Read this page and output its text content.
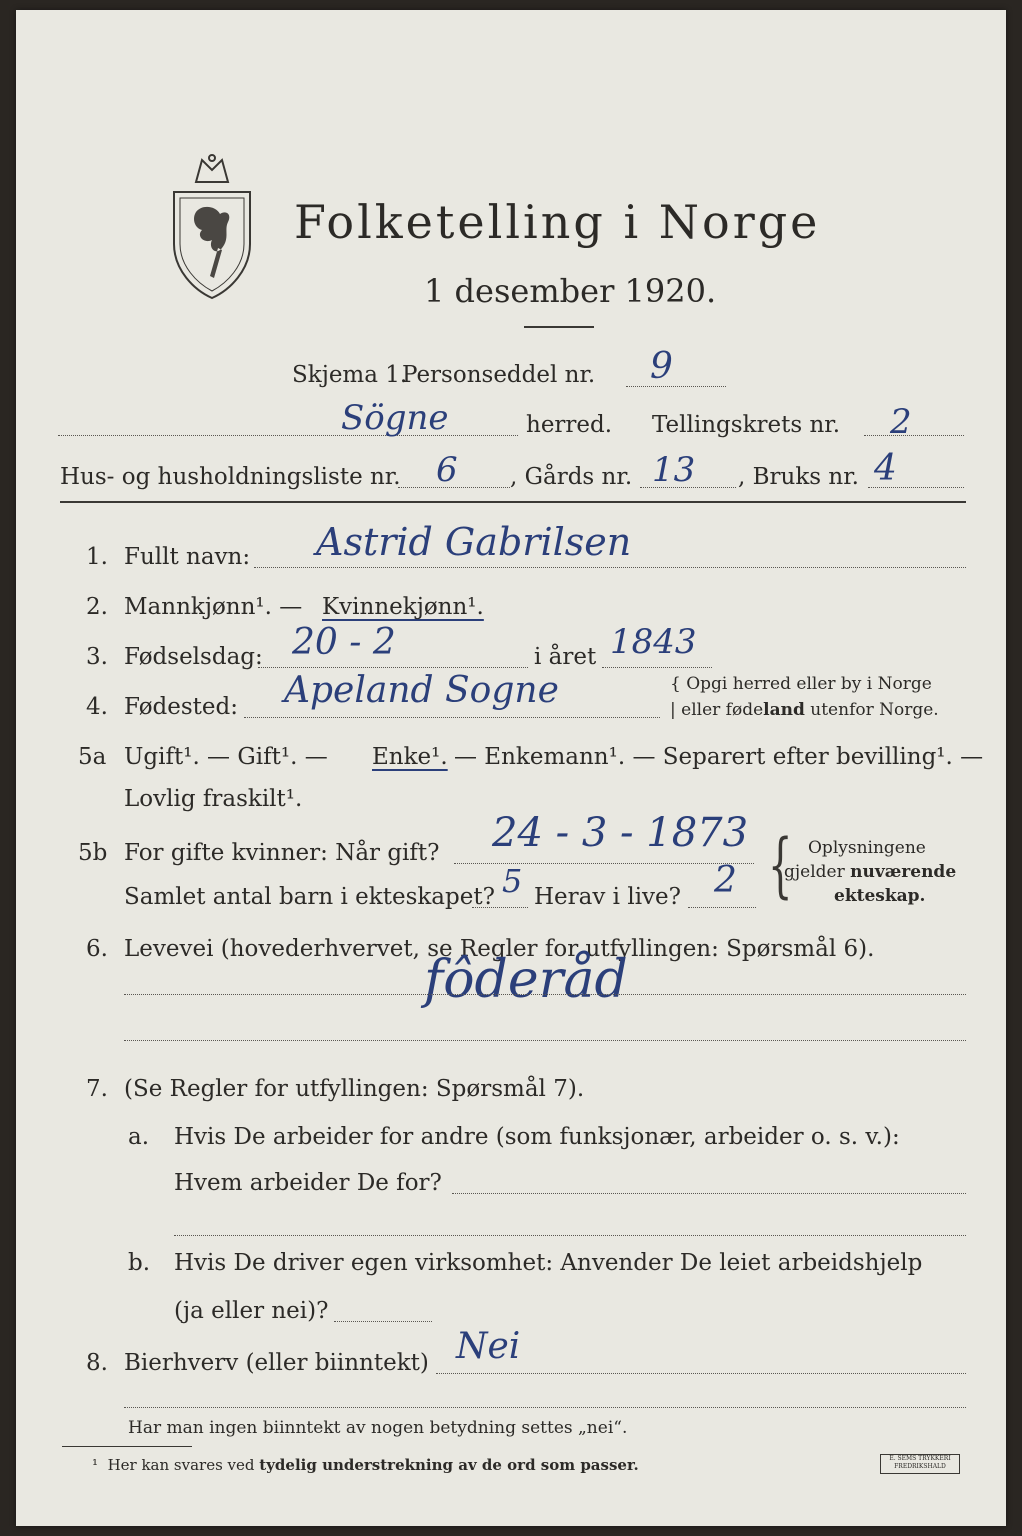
Folketelling i Norge
1 desember 1920.
Skjema 1.
Personseddel nr. 9
Sögne	herred. Tellingskrets nr. 2
Hus- og husholdningsliste nr. 6 , Gårds nr. 13 , Bruks nr. 4
1. Fullt navn: Astrid Gabrilsen
2. Mannkjønn¹. — Kvinnekjønn¹.
3. Fødselsdag: 20 - 2	i året 1843
4. Fødested: Apeland Sogne	{ Opgi herred eller by i Norge
| eller fødeland utenfor Norge.
5a Ugift¹. — Gift¹. — Enke¹. — Enkemann¹. — Separert efter bevilling¹. —
Lovlig fraskilt¹.
5b For gifte kvinner: Når gift? 24 - 3 - 1873
Samlet antal barn i ekteskapet? 5 Herav i live? 2 { Oplysningene
gjelder nuværende
ekteskap.
6. Levevei (hovederhvervet, se Regler for utfyllingen: Spørsmål 6).
fôderåd
7. (Se Regler for utfyllingen: Spørsmål 7).
a. Hvis De arbeider for andre (som funksjonær, arbeider o. s. v.):
Hvem arbeider De for?
b. Hvis De driver egen virksomhet: Anvender De leiet arbeidshjelp
(ja eller nei)?
8. Bierhverv (eller biinntekt) Nei
Har man ingen biinntekt av nogen betydning settes „nei“.
¹ Her kan svares ved tydelig understrekning av de ord som passer.	E. SEMS TRYKKERI FREDRIKSHALD
